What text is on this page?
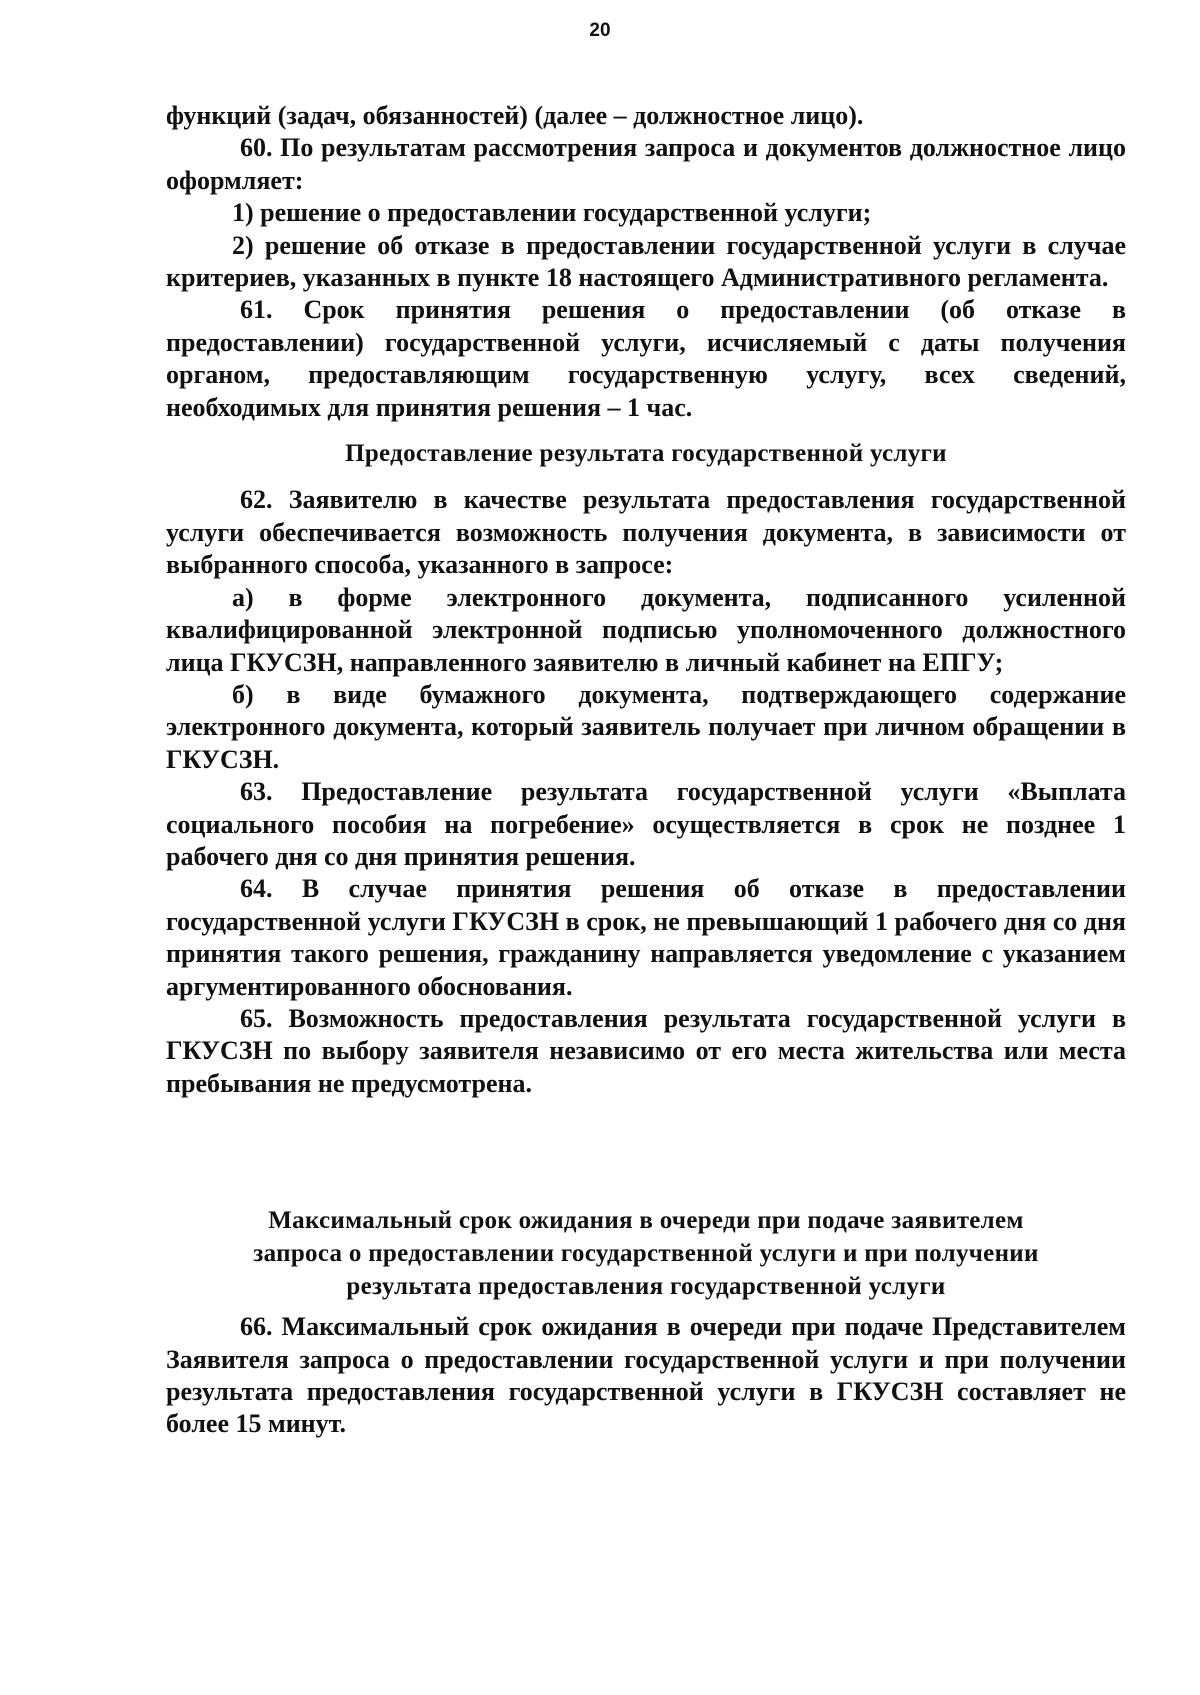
20

функций (задач, обязанностей) (далее – должностное лицо).

60. По результатам рассмотрения запроса и документов должностное лицо оформляет:

1) решение о предоставлении государственной услуги;

2) решение об отказе в предоставлении государственной услуги в случае критериев, указанных в пункте 18 настоящего Административного регламента.

61. Срок принятия решения о предоставлении (об отказе в предоставлении) государственной услуги, исчисляемый с даты получения органом, предоставляющим государственную услугу, всех сведений, необходимых для принятия решения – 1 час.

Предоставление результата государственной услуги

62. Заявителю в качестве результата предоставления государственной услуги обеспечивается возможность получения документа, в зависимости от выбранного способа, указанного в запросе:

а) в форме электронного документа, подписанного усиленной квалифицированной электронной подписью уполномоченного должностного лица ГКУСЗН, направленного заявителю в личный кабинет на ЕПГУ;

б) в виде бумажного документа, подтверждающего содержание электронного документа, который заявитель получает при личном обращении в ГКУСЗН.

63. Предоставление результата государственной услуги «Выплата социального пособия на погребение» осуществляется в срок не позднее 1 рабочего дня со дня принятия решения.

64. В случае принятия решения об отказе в предоставлении государственной услуги ГКУСЗН в срок, не превышающий 1 рабочего дня со дня принятия такого решения, гражданину направляется уведомление с указанием аргументированного обоснования.

65. Возможность предоставления результата государственной услуги в ГКУСЗН по выбору заявителя независимо от его места жительства или места пребывания не предусмотрена.

Максимальный срок ожидания в очереди при подаче заявителем
запроса о предоставлении государственной услуги и при получении
результата предоставления государственной услуги

66. Максимальный срок ожидания в очереди при подаче Представителем Заявителя запроса о предоставлении государственной услуги и при получении результата предоставления государственной услуги в ГКУСЗН составляет не более 15 минут.
